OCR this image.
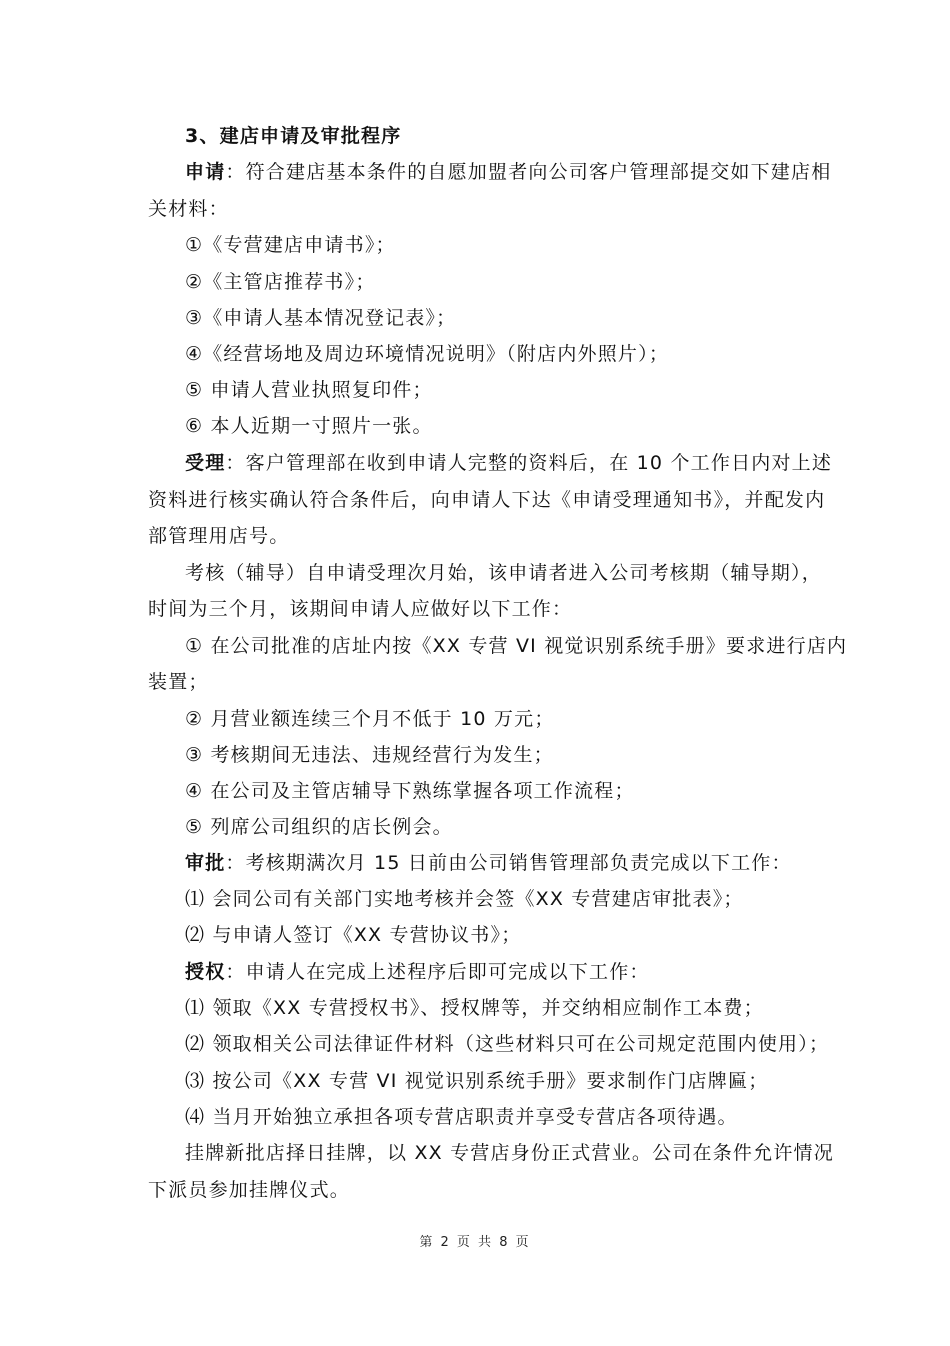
3、建店申请及审批程序
申请：符合建店基本条件的自愿加盟者向公司客户管理部提交如下建店相
关材料：
①《专营建店申请书》；
②《主管店推荐书》；
③《申请人基本情况登记表》；
④《经营场地及周边环境情况说明》（附店内外照片）；
⑤ 申请人营业执照复印件；
⑥ 本人近期一寸照片一张。
受理：客户管理部在收到申请人完整的资料后，在 10 个工作日内对上述
资料进行核实确认符合条件后，向申请人下达《申请受理通知书》，并配发内
部管理用店号。
考核（辅导）自申请受理次月始，该申请者进入公司考核期（辅导期），
时间为三个月，该期间申请人应做好以下工作：
① 在公司批准的店址内按《XX 专营 VI 视觉识别系统手册》要求进行店内
装置；
② 月营业额连续三个月不低于 10 万元；
③ 考核期间无违法、违规经营行为发生；
④ 在公司及主管店辅导下熟练掌握各项工作流程；
⑤ 列席公司组织的店长例会。
审批：考核期满次月 15 日前由公司销售管理部负责完成以下工作：
⑴ 会同公司有关部门实地考核并会签《XX 专营建店审批表》；
⑵ 与申请人签订《XX 专营协议书》；
授权：申请人在完成上述程序后即可完成以下工作：
⑴ 领取《XX 专营授权书》、授权牌等，并交纳相应制作工本费；
⑵ 领取相关公司法律证件材料（这些材料只可在公司规定范围内使用）；
⑶ 按公司《XX 专营 VI 视觉识别系统手册》要求制作门店牌匾；
⑷ 当月开始独立承担各项专营店职责并享受专营店各项待遇。
挂牌新批店择日挂牌，以 XX 专营店身份正式营业。公司在条件允许情况
下派员参加挂牌仪式。
第 2 页 共 8 页
